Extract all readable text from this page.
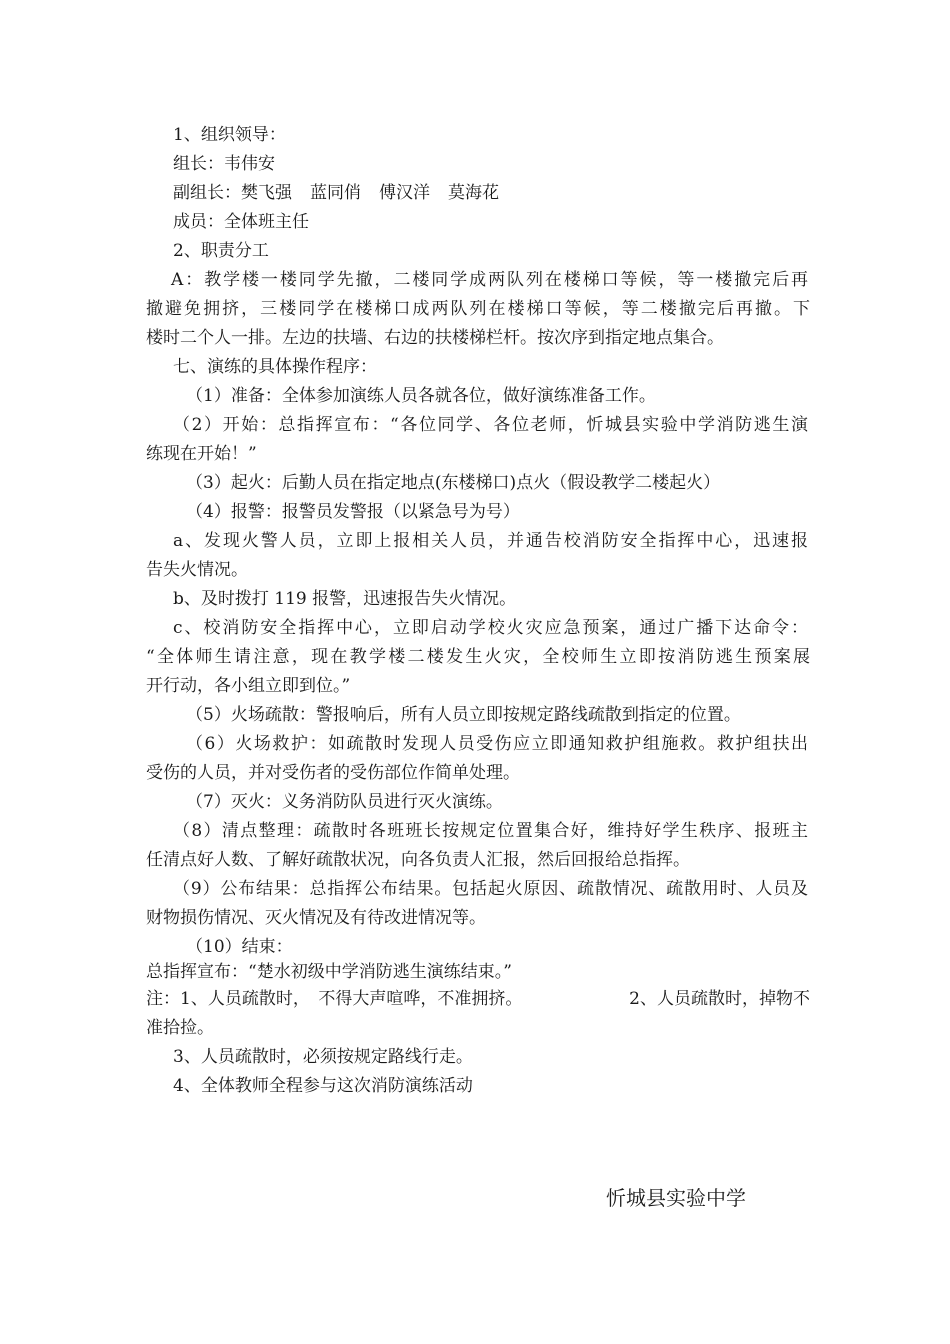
1、组织领导：
组长：韦伟安
副组长：樊飞强 蓝同俏 傅汉洋 莫海花
成员：全体班主任
2、职责分工
A：教学楼一楼同学先撤，二楼同学成两队列在楼梯口等候，等一楼撤完后再
撤避免拥挤，三楼同学在楼梯口成两队列在楼梯口等候，等二楼撤完后再撤。下
楼时二个人一排。左边的扶墙、右边的扶楼梯栏杆。按次序到指定地点集合。
七、演练的具体操作程序：
（1）准备：全体参加演练人员各就各位，做好演练准备工作。
（2）开始：总指挥宣布：“各位同学、各位老师，忻城县实验中学消防逃生演
练现在开始！”
（3）起火：后勤人员在指定地点(东楼梯口)点火（假设教学二楼起火）
（4）报警：报警员发警报（以紧急号为号）
a、发现火警人员，立即上报相关人员，并通告校消防安全指挥中心，迅速报
告失火情况。
b、及时拨打 119 报警，迅速报告失火情况。
c、校消防安全指挥中心，立即启动学校火灾应急预案，通过广播下达命令：
“全体师生请注意，现在教学楼二楼发生火灾，全校师生立即按消防逃生预案展
开行动，各小组立即到位。”
（5）火场疏散：警报响后，所有人员立即按规定路线疏散到指定的位置。
（6）火场救护：如疏散时发现人员受伤应立即通知救护组施救。救护组扶出
受伤的人员，并对受伤者的受伤部位作简单处理。
（7）灭火：义务消防队员进行灭火演练。
（8）清点整理：疏散时各班班长按规定位置集合好，维持好学生秩序、报班主
任清点好人数、了解好疏散状况，向各负责人汇报，然后回报给总指挥。
（9）公布结果：总指挥公布结果。包括起火原因、疏散情况、疏散用时、人员及
财物损伤情况、灭火情况及有待改进情况等。
（10）结束：
总指挥宣布：“楚水初级中学消防逃生演练结束。”
注：1、人员疏散时，　不得大声喧哗，不准拥挤。	2、人员疏散时，掉物不
准拾捡。
3、人员疏散时，必须按规定路线行走。
4、全体教师全程参与这次消防演练活动
忻城县实验中学
